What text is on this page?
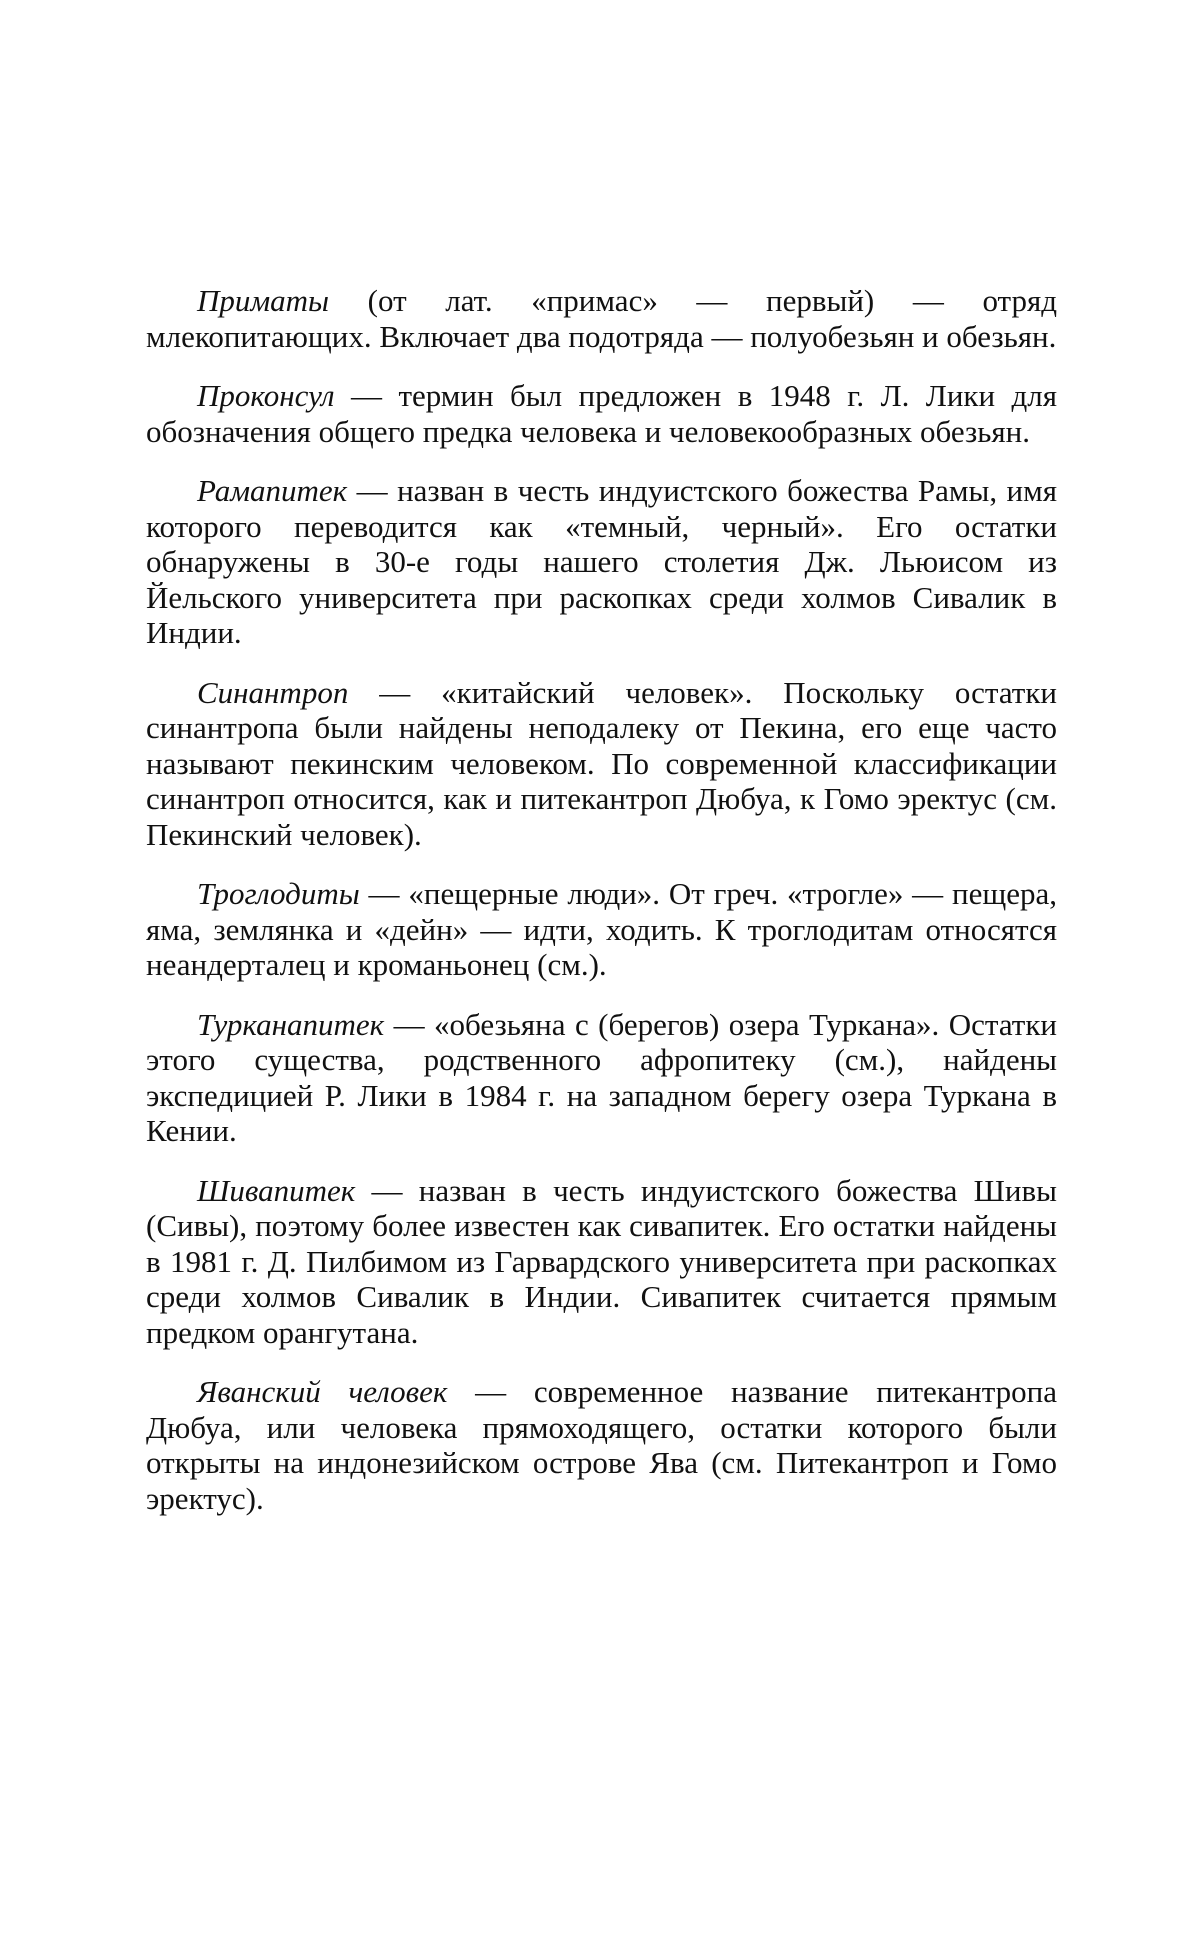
Приматы (от лат. «примас» — первый) — отряд млекопитающих. Включает два подотряда — полуобезьян и обезьян.

Проконсул — термин был предложен в 1948 г. Л. Лики для обозначения общего предка человека и человекообразных обезьян.

Рамапитек — назван в честь индуистского божества Рамы, имя которого переводится как «темный, черный». Его остатки обнаружены в 30-е годы нашего столетия Дж. Льюисом из Йельского университета при раскопках среди холмов Сивалик в Индии.

Синантроп — «китайский человек». Поскольку остатки синантропа были найдены неподалеку от Пекина, его еще часто называют пекинским человеком. По современной классификации синантроп относится, как и питекантроп Дюбуа, к Гомо эректус (см. Пекинский человек).

Троглодиты — «пещерные люди». От греч. «трогле» — пещера, яма, землянка и «дейн» — идти, ходить. К троглодитам относятся неандерталец и кроманьонец (см.).

Турканапитек — «обезьяна с (берегов) озера Туркана». Остатки этого существа, родственного афропитеку (см.), найдены экспедицией Р. Лики в 1984 г. на западном берегу озера Туркана в Кении.

Шивапитек — назван в честь индуистского божества Шивы (Сивы), поэтому более известен как сивапитек. Его остатки найдены в 1981 г. Д. Пилбимом из Гарвардского университета при раскопках среди холмов Сивалик в Индии. Сивапитек считается прямым предком орангутана.

Яванский человек — современное название питекантропа Дюбуа, или человека прямоходящего, остатки которого были открыты на индонезийском острове Ява (см. Питекантроп и Гомо эректус).
